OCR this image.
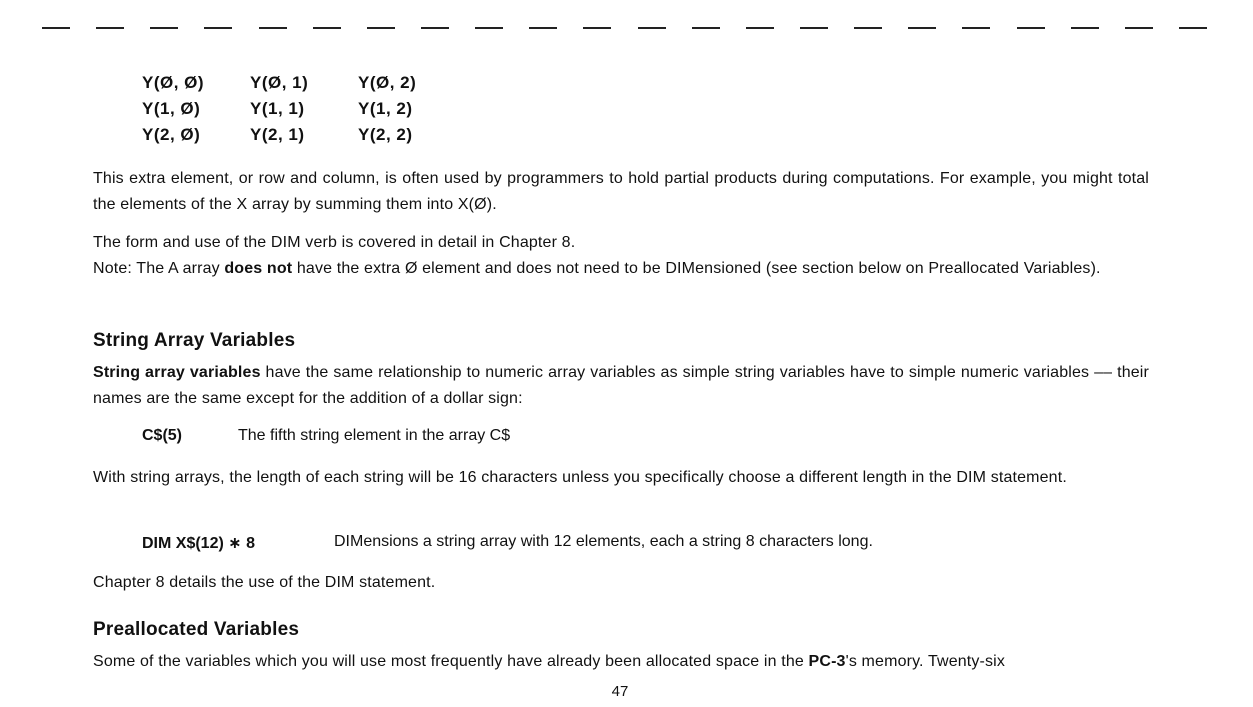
Y(Ø, Ø)	Y(Ø, 1)	Y(Ø, 2)
Y(1, Ø)	Y(1, 1)	Y(1, 2)
Y(2, Ø)	Y(2, 1)	Y(2, 2)

This extra element, or row and column, is often used by programmers to hold partial products during computations. For example, you might total the elements of the X array by summing them into X(Ø).

The form and use of the DIM verb is covered in detail in Chapter 8.

Note: The A array does not have the extra Ø element and does not need to be DIMensioned (see section below on Preallocated Variables).

String Array Variables

String array variables have the same relationship to numeric array variables as simple string variables have to simple numeric variables –– their names are the same except for the addition of a dollar sign:

C$(5)	The fifth string element in the array C$

With string arrays, the length of each string will be 16 characters unless you specifically choose a different length in the DIM statement.

DIM X$(12) ∗ 8	DIMensions a string array with 12 elements, each a string 8 characters long.

Chapter 8 details the use of the DIM statement.

Preallocated Variables

Some of the variables which you will use most frequently have already been allocated space in the PC-3's memory. Twenty-six

47
